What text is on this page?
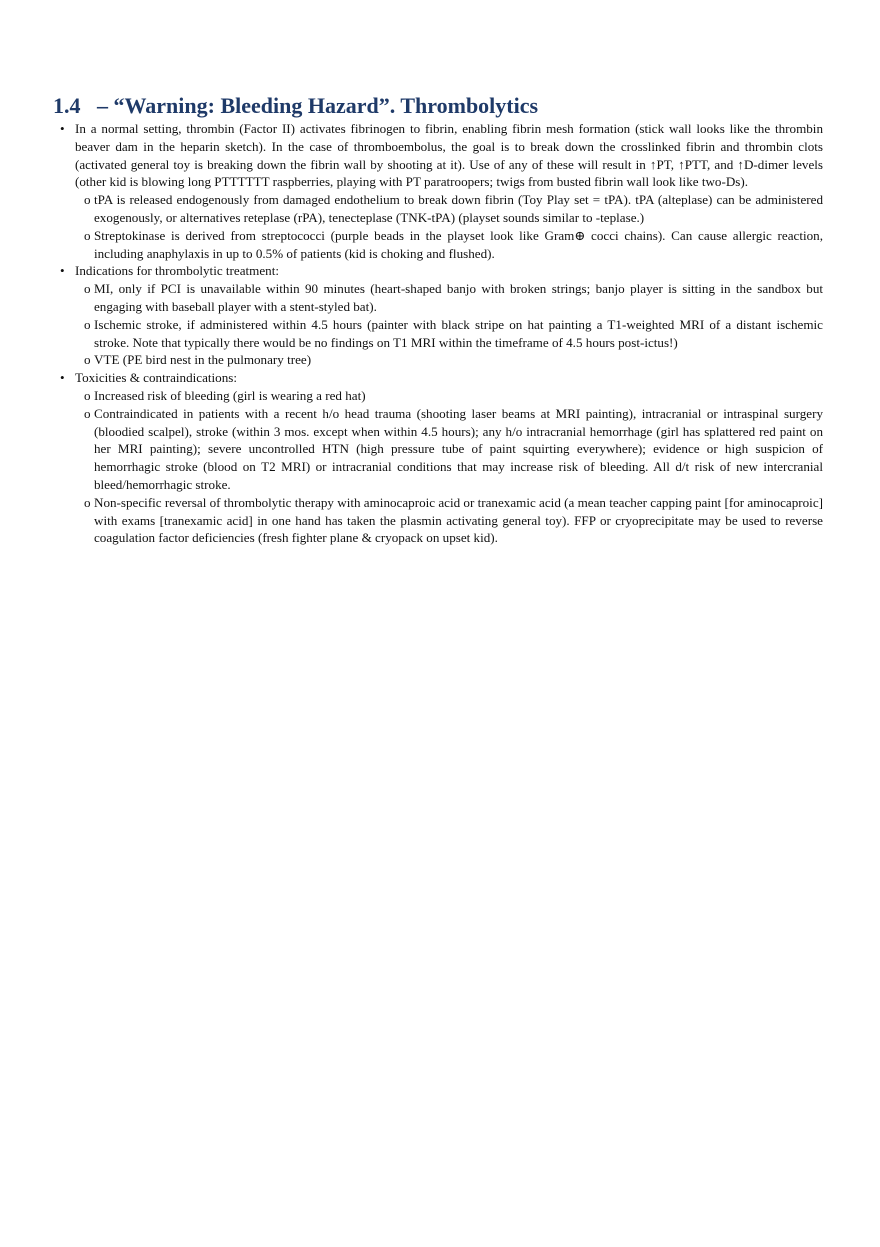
1.4 – “Warning: Bleeding Hazard”. Thrombolytics

• In a normal setting, thrombin (Factor II) activates fibrinogen to fibrin, enabling fibrin mesh formation (stick wall looks like the thrombin beaver dam in the heparin sketch). In the case of thromboembolus, the goal is to break down the crosslinked fibrin and thrombin clots (activated general toy is breaking down the fibrin wall by shooting at it). Use of any of these will result in ↑PT, ↑PTT, and ↑D-dimer levels (other kid is blowing long PTTTTTT raspberries, playing with PT paratroopers; twigs from busted fibrin wall look like two-Ds).

o tPA is released endogenously from damaged endothelium to break down fibrin (Toy Play set = tPA). tPA (alteplase) can be administered exogenously, or alternatives reteplase (rPA), tenecteplase (TNK-tPA) (playset sounds similar to -teplase.)

o Streptokinase is derived from streptococci (purple beads in the playset look like Gram⊕ cocci chains). Can cause allergic reaction, including anaphylaxis in up to 0.5% of patients (kid is choking and flushed).

• Indications for thrombolytic treatment:

o MI, only if PCI is unavailable within 90 minutes (heart-shaped banjo with broken strings; banjo player is sitting in the sandbox but engaging with baseball player with a stent-styled bat).

o Ischemic stroke, if administered within 4.5 hours (painter with black stripe on hat painting a T1-weighted MRI of a distant ischemic stroke. Note that typically there would be no findings on T1 MRI within the timeframe of 4.5 hours post-ictus!)

o VTE (PE bird nest in the pulmonary tree)

• Toxicities & contraindications:

o Increased risk of bleeding (girl is wearing a red hat)

o Contraindicated in patients with a recent h/o head trauma (shooting laser beams at MRI painting), intracranial or intraspinal surgery (bloodied scalpel), stroke (within 3 mos. except when within 4.5 hours); any h/o intracranial hemorrhage (girl has splattered red paint on her MRI painting); severe uncontrolled HTN (high pressure tube of paint squirting everywhere); evidence or high suspicion of hemorrhagic stroke (blood on T2 MRI) or intracranial conditions that may increase risk of bleeding. All d/t risk of new intercranial bleed/hemorrhagic stroke.

o Non-specific reversal of thrombolytic therapy with aminocaproic acid or tranexamic acid (a mean teacher capping paint [for aminocaproic] with exams [tranexamic acid] in one hand has taken the plasmin activating general toy). FFP or cryoprecipitate may be used to reverse coagulation factor deficiencies (fresh fighter plane & cryopack on upset kid).
